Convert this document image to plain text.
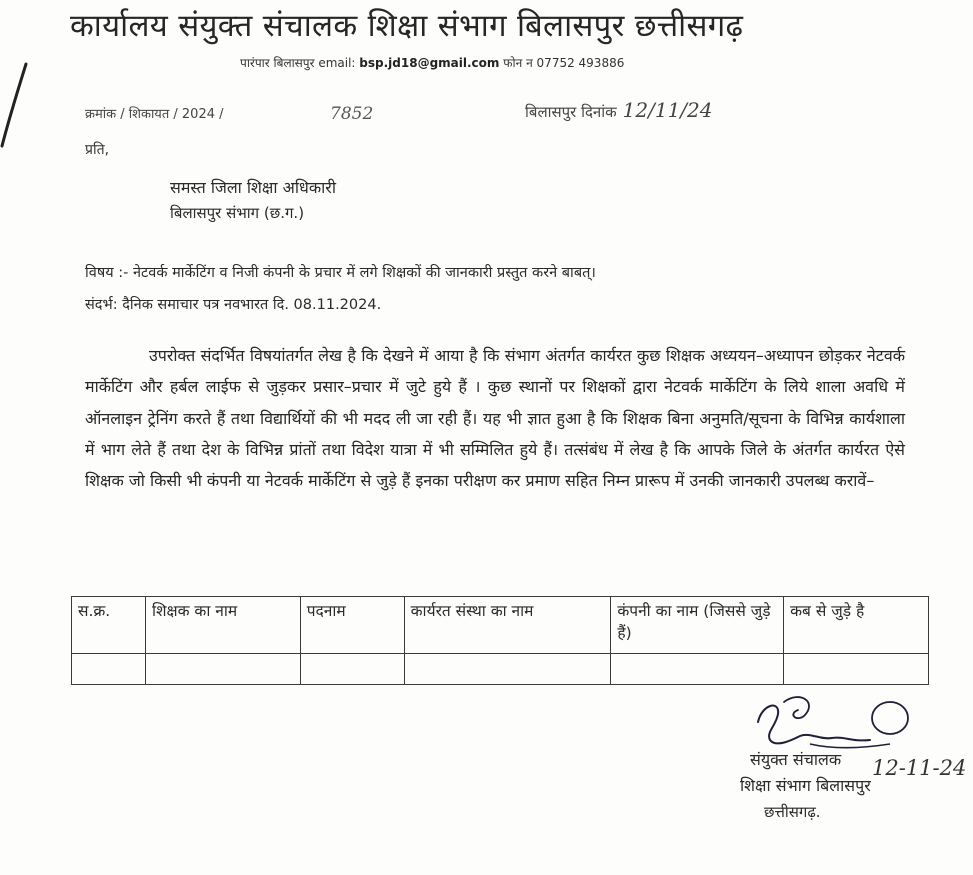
कार्यालय संयुक्त संचालक शिक्षा संभाग बिलासपुर छत्तीसगढ़
पारंपार बिलासपुर email: bsp.jd18@gmail.com फोन न 07752 493886
क्रमांक / शिकायत / 2024 /	7852	बिलासपुर दिनांक 12/11/24
प्रति,
समस्त जिला शिक्षा अधिकारी
बिलासपुर संभाग (छ.ग.)
विषय :- नेटवर्क मार्केटिंग व निजी कंपनी के प्रचार में लगे शिक्षकों की जानकारी प्रस्तुत करने बाबत्।
संदर्भ: दैनिक समाचार पत्र नवभारत दि. 08.11.2024.
उपरोक्त संदर्भित विषयांतर्गत लेख है कि देखने में आया है कि संभाग अंतर्गत कार्यरत कुछ शिक्षक अध्ययन–अध्यापन छोड़कर नेटवर्क मार्केटिंग और हर्बल लाईफ से जुड़कर प्रसार–प्रचार में जुटे हुये हैं । कुछ स्थानों पर शिक्षकों द्वारा नेटवर्क मार्केटिंग के लिये शाला अवधि में ऑनलाइन ट्रेनिंग करते हैं तथा विद्यार्थियों की भी मदद ली जा रही हैं। यह भी ज्ञात हुआ है कि शिक्षक बिना अनुमति/सूचना के विभिन्न कार्यशाला में भाग लेते हैं तथा देश के विभिन्न प्रांतों तथा विदेश यात्रा में भी सम्मिलित हुये हैं। तत्संबंध में लेख है कि आपके जिले के अंतर्गत कार्यरत ऐसे शिक्षक जो किसी भी कंपनी या नेटवर्क मार्केटिंग से जुड़े हैं इनका परीक्षण कर प्रमाण सहित निम्न प्रारूप में उनकी जानकारी उपलब्ध करावें–
स.क्र.	शिक्षक का नाम	पदनाम	कार्यरत संस्था का नाम	कंपनी का नाम (जिससे जुड़े हैं)	कब से जुड़े है

संयुक्त संचालक 12-11-24
शिक्षा संभाग बिलासपुर
छत्तीसगढ़.
